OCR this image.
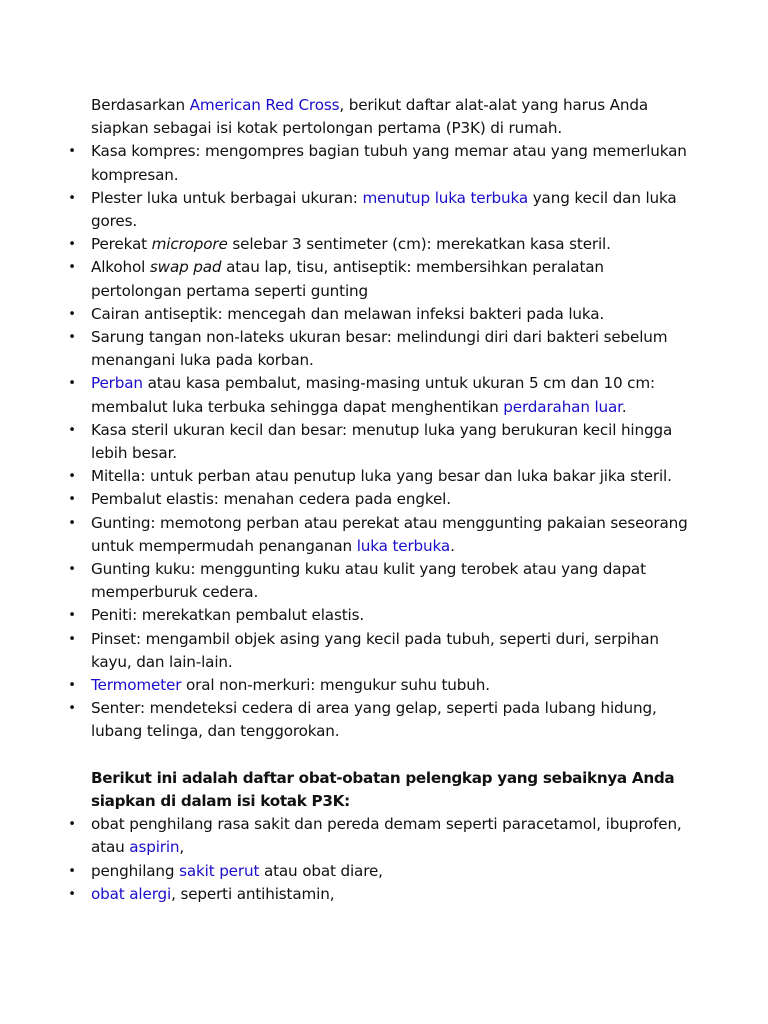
Berdasarkan American Red Cross, berikut daftar alat-alat yang harus Anda siapkan sebagai isi kotak pertolongan pertama (P3K) di rumah.

• Kasa kompres: mengompres bagian tubuh yang memar atau yang memerlukan kompresan.
• Plester luka untuk berbagai ukuran: menutup luka terbuka yang kecil dan luka gores.
• Perekat micropore selebar 3 sentimeter (cm): merekatkan kasa steril.
• Alkohol swap pad atau lap, tisu, antiseptik: membersihkan peralatan pertolongan pertama seperti gunting
• Cairan antiseptik: mencegah dan melawan infeksi bakteri pada luka.
• Sarung tangan non-lateks ukuran besar: melindungi diri dari bakteri sebelum menangani luka pada korban.
• Perban atau kasa pembalut, masing-masing untuk ukuran 5 cm dan 10 cm: membalut luka terbuka sehingga dapat menghentikan perdarahan luar.
• Kasa steril ukuran kecil dan besar: menutup luka yang berukuran kecil hingga lebih besar.
• Mitella: untuk perban atau penutup luka yang besar dan luka bakar jika steril.
• Pembalut elastis: menahan cedera pada engkel.
• Gunting: memotong perban atau perekat atau menggunting pakaian seseorang untuk mempermudah penanganan luka terbuka.
• Gunting kuku: menggunting kuku atau kulit yang terobek atau yang dapat memperburuk cedera.
• Peniti: merekatkan pembalut elastis.
• Pinset: mengambil objek asing yang kecil pada tubuh, seperti duri, serpihan kayu, dan lain-lain.
• Termometer oral non-merkuri: mengukur suhu tubuh.
• Senter: mendeteksi cedera di area yang gelap, seperti pada lubang hidung, lubang telinga, dan tenggorokan.

Berikut ini adalah daftar obat-obatan pelengkap yang sebaiknya Anda siapkan di dalam isi kotak P3K:

• obat penghilang rasa sakit dan pereda demam seperti paracetamol, ibuprofen, atau aspirin,
• penghilang sakit perut atau obat diare,
• obat alergi, seperti antihistamin,
